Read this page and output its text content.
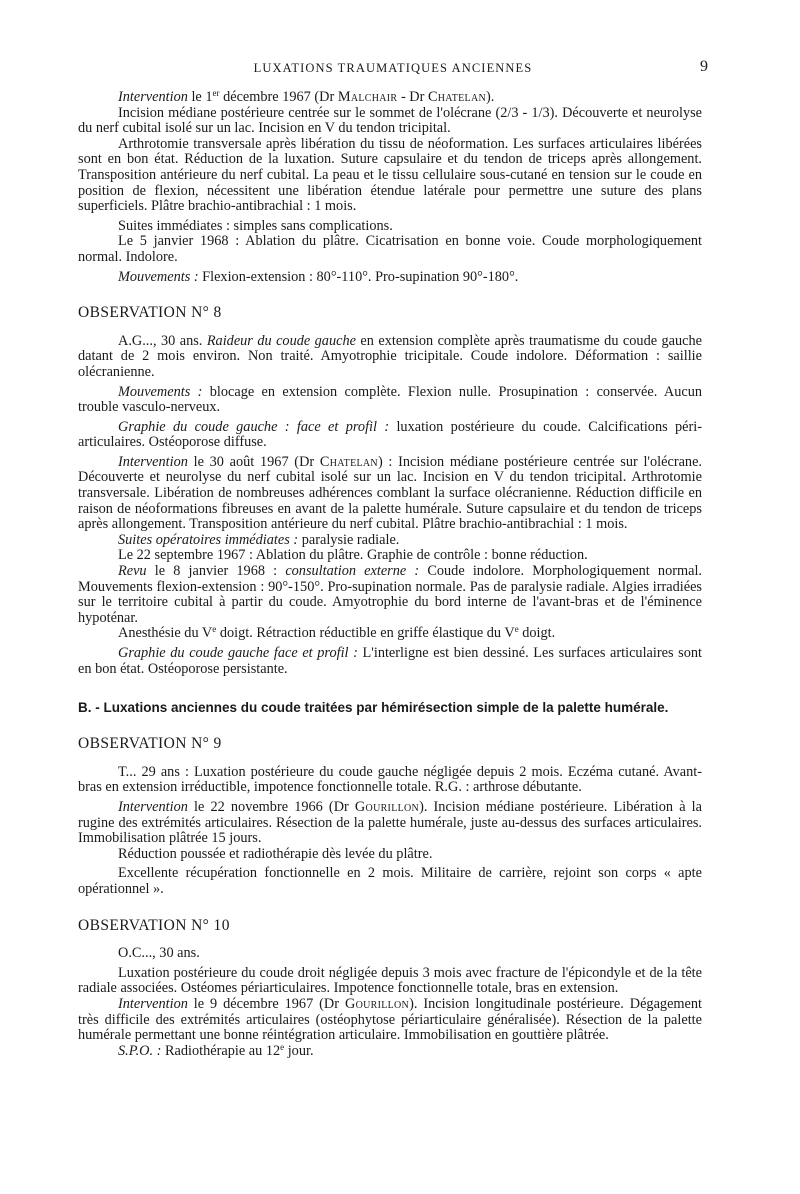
LUXATIONS TRAUMATIQUES ANCIENNES	9

Intervention le 1er décembre 1967 (Dr Malchair - Dr Chatelan).

Incision médiane postérieure centrée sur le sommet de l'olécrane (2/3 - 1/3). Découverte et neurolyse du nerf cubital isolé sur un lac. Incision en V du tendon tricipital.

Arthrotomie transversale après libération du tissu de néoformation. Les surfaces articulaires libérées sont en bon état. Réduction de la luxation. Suture capsulaire et du tendon de triceps après allongement. Transposition antérieure du nerf cubital. La peau et le tissu cellulaire sous-cutané en tension sur le coude en position de flexion, nécessitent une libération étendue latérale pour permettre une suture des plans superficiels. Plâtre brachio-antibrachial : 1 mois.

Suites immédiates : simples sans complications.

Le 5 janvier 1968 : Ablation du plâtre. Cicatrisation en bonne voie. Coude morphologiquement normal. Indolore.

Mouvements : Flexion-extension : 80°-110°. Pro-supination 90°-180°.

OBSERVATION N° 8

A.G..., 30 ans. Raideur du coude gauche en extension complète après traumatisme du coude gauche datant de 2 mois environ. Non traité. Amyotrophie tricipitale. Coude indolore. Déformation : saillie olécranienne.

Mouvements : blocage en extension complète. Flexion nulle. Prosupination : conservée. Aucun trouble vasculo-nerveux.

Graphie du coude gauche : face et profil : luxation postérieure du coude. Calcifications péri-articulaires. Ostéoporose diffuse.

Intervention le 30 août 1967 (Dr Chatelan) : Incision médiane postérieure centrée sur l'olécrane. Découverte et neurolyse du nerf cubital isolé sur un lac. Incision en V du tendon tricipital. Arthrotomie transversale. Libération de nombreuses adhérences comblant la surface olécranienne. Réduction difficile en raison de néoformations fibreuses en avant de la palette humérale. Suture capsulaire et du tendon de triceps après allongement. Transposition antérieure du nerf cubital. Plâtre brachio-antibrachial : 1 mois.

Suites opératoires immédiates : paralysie radiale.

Le 22 septembre 1967 : Ablation du plâtre. Graphie de contrôle : bonne réduction.

Revu le 8 janvier 1968 : consultation externe : Coude indolore. Morphologiquement normal. Mouvements flexion-extension : 90°-150°. Pro-supination normale. Pas de paralysie radiale. Algies irradiées sur le territoire cubital à partir du coude. Amyotrophie du bord interne de l'avant-bras et de l'éminence hypoténar.

Anesthésie du Ve doigt. Rétraction réductible en griffe élastique du Ve doigt.

Graphie du coude gauche face et profil : L'interligne est bien dessiné. Les surfaces articulaires sont en bon état. Ostéoporose persistante.

B. - Luxations anciennes du coude traitées par hémirésection simple de la palette humérale.
OBSERVATION N° 9

T... 29 ans : Luxation postérieure du coude gauche négligée depuis 2 mois. Eczéma cutané. Avant-bras en extension irréductible, impotence fonctionnelle totale. R.G. : arthrose débutante.

Intervention le 22 novembre 1966 (Dr Gourillon). Incision médiane postérieure. Libération à la rugine des extrémités articulaires. Résection de la palette humérale, juste au-dessus des surfaces articulaires. Immobilisation plâtrée 15 jours.

Réduction poussée et radiothérapie dès levée du plâtre.

Excellente récupération fonctionnelle en 2 mois. Militaire de carrière, rejoint son corps « apte opérationnel ».

OBSERVATION N° 10

O.C..., 30 ans.

Luxation postérieure du coude droit négligée depuis 3 mois avec fracture de l'épicondyle et de la tête radiale associées. Ostéomes périarticulaires. Impotence fonctionnelle totale, bras en extension.

Intervention le 9 décembre 1967 (Dr Gourillon). Incision longitudinale postérieure. Dégagement très difficile des extrémités articulaires (ostéophytose périarticulaire généralisée). Résection de la palette humérale permettant une bonne réintégration articulaire. Immobilisation en gouttière plâtrée.

S.P.O. : Radiothérapie au 12e jour.
